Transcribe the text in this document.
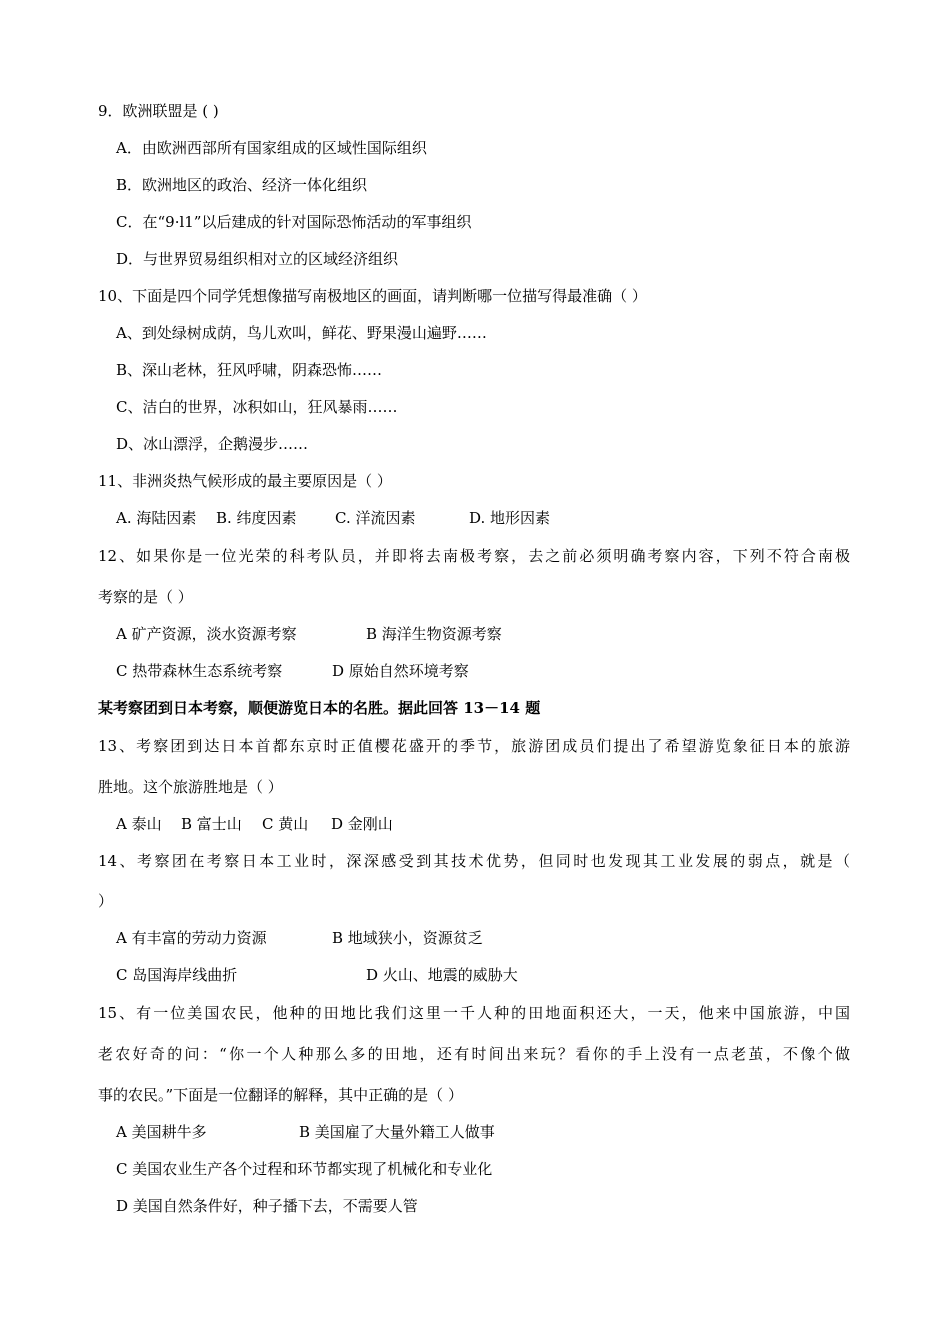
9．欧洲联盟是 ( )
A．由欧洲西部所有国家组成的区域性国际组织
B．欧洲地区的政治、经济一体化组织
C．在“9·l1”以后建成的针对国际恐怖活动的军事组织
D．与世界贸易组织相对立的区域经济组织
10、下面是四个同学凭想像描写南极地区的画面，请判断哪一位描写得最准确（ ）
A、到处绿树成荫，鸟儿欢叫，鲜花、野果漫山遍野……
B、深山老林，狂风呼啸，阴森恐怖……
C、洁白的世界，冰积如山，狂风暴雨……
D、冰山漂浮，企鹅漫步……
11、非洲炎热气候形成的最主要原因是（ ）
A. 海陆因素 B. 纬度因素	C. 洋流因素	D. 地形因素
12、如果你是一位光荣的科考队员，并即将去南极考察，去之前必须明确考察内容，下列不符合南极
考察的是（ ）
A 矿产资源，淡水资源考察	B 海洋生物资源考察
C 热带森林生态系统考察	D 原始自然环境考察
某考察团到日本考察，顺便游览日本的名胜。据此回答 13－14 题
13、考察团到达日本首都东京时正值樱花盛开的季节，旅游团成员们提出了希望游览象征日本的旅游
胜地。这个旅游胜地是（ ）
A 泰山 B 富士山 C 黄山 D 金刚山
14、考察团在考察日本工业时，深深感受到其技术优势，但同时也发现其工业发展的弱点，就是（
）
A 有丰富的劳动力资源	B 地域狭小，资源贫乏
C 岛国海岸线曲折	D 火山、地震的威胁大
15、有一位美国农民，他种的田地比我们这里一千人种的田地面积还大，一天，他来中国旅游，中国
老农好奇的问：“你一个人种那么多的田地，还有时间出来玩？看你的手上没有一点老茧，不像个做
事的农民。”下面是一位翻译的解释，其中正确的是（ ）
A 美国耕牛多	B 美国雇了大量外籍工人做事
C 美国农业生产各个过程和环节都实现了机械化和专业化
D 美国自然条件好，种子播下去，不需要人管
